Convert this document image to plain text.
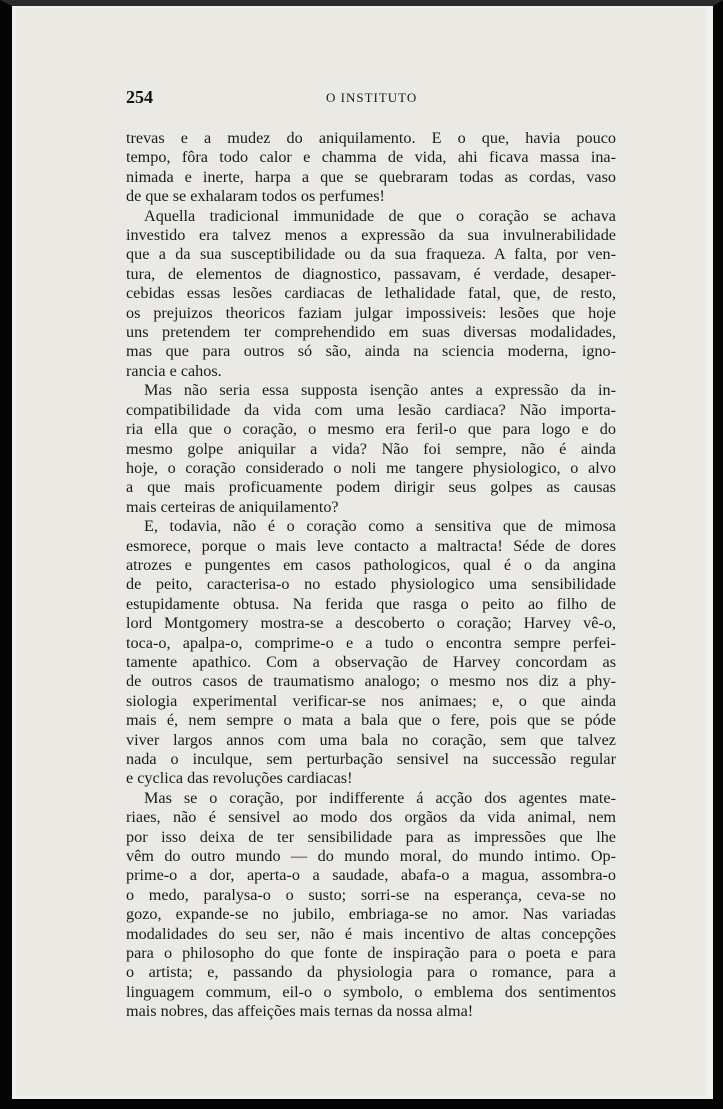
254	O INSTITUTO
trevas e a mudez do aniquilamento. E o que, havia pouco
tempo, fôra todo calor e chamma de vida, ahi ficava massa ina-
nimada e inerte, harpa a que se quebraram todas as cordas, vaso
de que se exhalaram todos os perfumes!
Aquella tradicional immunidade de que o coração se achava
investido era talvez menos a expressão da sua invulnerabilidade
que a da sua susceptibilidade ou da sua fraqueza. A falta, por ven-
tura, de elementos de diagnostico, passavam, é verdade, desaper-
cebidas essas lesões cardiacas de lethalidade fatal, que, de resto,
os prejuizos theoricos faziam julgar impossiveis: lesões que hoje
uns pretendem ter comprehendido em suas diversas modalidades,
mas que para outros só são, ainda na sciencia moderna, igno-
rancia e cahos.
Mas não seria essa supposta isenção antes a expressão da in-
compatibilidade da vida com uma lesão cardiaca? Não importa-
ria ella que o coração, o mesmo era feril-o que para logo e do
mesmo golpe aniquilar a vida? Não foi sempre, não é ainda
hoje, o coração considerado o noli me tangere physiologico, o alvo
a que mais proficuamente podem dirigir seus golpes as causas
mais certeiras de aniquilamento?
E, todavia, não é o coração como a sensitiva que de mimosa
esmorece, porque o mais leve contacto a maltracta! Séde de dores
atrozes e pungentes em casos pathologicos, qual é o da angina
de peito, caracterisa-o no estado physiologico uma sensibilidade
estupidamente obtusa. Na ferida que rasga o peito ao filho de
lord Montgomery mostra-se a descoberto o coração; Harvey vê-o,
toca-o, apalpa-o, comprime-o e a tudo o encontra sempre perfei-
tamente apathico. Com a observação de Harvey concordam as
de outros casos de traumatismo analogo; o mesmo nos diz a phy-
siologia experimental verificar-se nos animaes; e, o que ainda
mais é, nem sempre o mata a bala que o fere, pois que se póde
viver largos annos com uma bala no coração, sem que talvez
nada o inculque, sem perturbação sensivel na successão regular
e cyclica das revoluções cardiacas!
Mas se o coração, por indifferente á acção dos agentes mate-
riaes, não é sensivel ao modo dos orgãos da vida animal, nem
por isso deixa de ter sensibilidade para as impressões que lhe
vêm do outro mundo — do mundo moral, do mundo intimo. Op-
prime-o a dor, aperta-o a saudade, abafa-o a magua, assombra-o
o medo, paralysa-o o susto; sorri-se na esperança, ceva-se no
gozo, expande-se no jubilo, embriaga-se no amor. Nas variadas
modalidades do seu ser, não é mais incentivo de altas concepções
para o philosopho do que fonte de inspiração para o poeta e para
o artista; e, passando da physiologia para o romance, para a
linguagem commum, eil-o o symbolo, o emblema dos sentimentos
mais nobres, das affeições mais ternas da nossa alma!
